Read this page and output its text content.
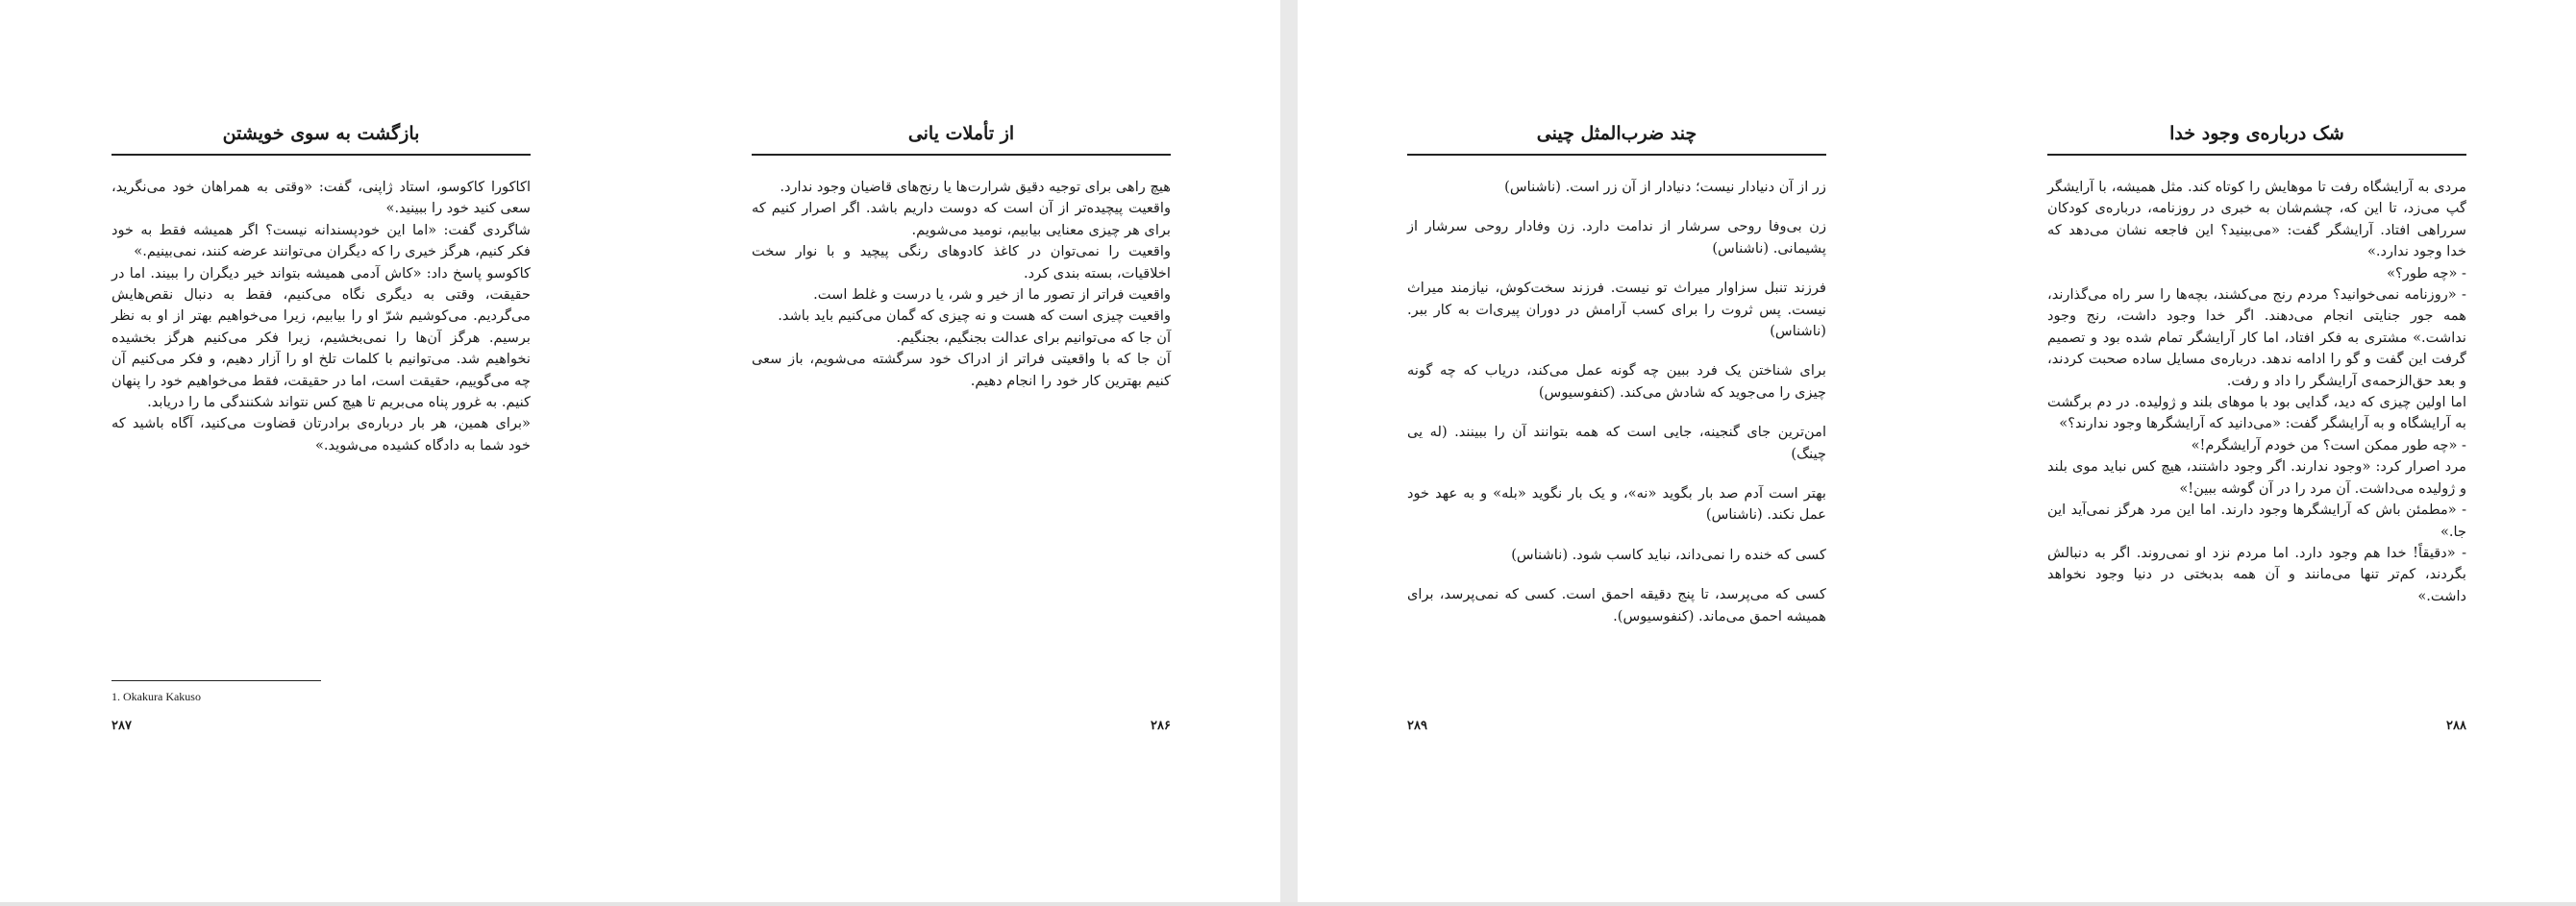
بازگشت به سوی خویشتن

اکاکورا کاکوسو، استاد ژاپنی، گفت: «وقتی به همراهان خود می‌نگرید، سعی کنید خود را ببینید.»

شاگردی گفت: «اما این خودپسندانه نیست؟ اگر همیشه فقط به خود فکر کنیم، هرگز خیری را که دیگران می‌توانند عرضه کنند، نمی‌بینیم.»

کاکوسو پاسخ داد: «کاش آدمی همیشه بتواند خیر دیگران را ببیند. اما در حقیقت، وقتی به دیگری نگاه می‌کنیم، فقط به دنبال نقص‌هایش می‌گردیم. می‌کوشیم شرّ او را بیابیم، زیرا می‌خواهیم بهتر از او به نظر برسیم. هرگز آن‌ها را نمی‌بخشیم، زیرا فکر می‌کنیم هرگز بخشیده نخواهیم شد. می‌توانیم با کلمات تلخ او را آزار دهیم، و فکر می‌کنیم آن چه می‌گوییم، حقیقت است، اما در حقیقت، فقط می‌خواهیم خود را پنهان کنیم. به غرور پناه می‌بریم تا هیچ کس نتواند شکنندگی ما را دریابد.

«برای همین، هر بار درباره‌ی برادرتان قضاوت می‌کنید، آگاه باشید که خود شما به دادگاه کشیده می‌شوید.»

1. Okakura Kakuso
۲۸۷
از تأملات یانی

هیچ راهی برای توجیه دقیق شرارت‌ها یا رنج‌های قاضیان وجود ندارد.

واقعیت پیچیده‌تر از آن است که دوست داریم باشد. اگر اصرار کنیم که برای هر چیزی معنایی بیابیم، نومید می‌شویم.

واقعیت را نمی‌توان در کاغذ کادوهای رنگی پیچید و با نوار سخت اخلاقیات، بسته بندی کرد.

واقعیت فراتر از تصور ما از خیر و شر، یا درست و غلط است.

واقعیت چیزی است که هست و نه چیزی که گمان می‌کنیم باید باشد.

آن جا که می‌توانیم برای عدالت بجنگیم، بجنگیم.

آن جا که با واقعیتی فراتر از ادراک خود سرگشته می‌شویم، باز سعی کنیم بهترین کار خود را انجام دهیم.

۲۸۶
چند ضرب‌المثل چینی

زر از آن دنیادار نیست؛ دنیادار از آن زر است. (ناشناس)

زن بی‌وفا روحی سرشار از ندامت دارد. زن وفادار روحی سرشار از پشیمانی. (ناشناس)

فرزند تنبل سزاوار میراث تو نیست. فرزند سخت‌کوش، نیازمند میراث نیست. پس ثروت را برای کسب آرامش در دوران پیری‌ات به کار ببر. (ناشناس)

برای شناختن یک فرد ببین چه گونه عمل می‌کند، دریاب که چه گونه چیزی را می‌جوید که شادش می‌کند. (کنفوسیوس)

امن‌ترین جای گنجینه، جایی است که همه بتوانند آن را ببینند. (له یی چینگ)

بهتر است آدم صد بار بگوید «نه»، و یک بار نگوید «بله» و به عهد خود عمل نکند. (ناشناس)

کسی که خنده را نمی‌داند، نباید کاسب شود. (ناشناس)

کسی که می‌پرسد، تا پنج دقیقه احمق است. کسی که نمی‌پرسد، برای همیشه احمق می‌ماند. (کنفوسیوس).

۲۸۹
شک درباره‌ی وجود خدا

مردی به آرایشگاه رفت تا موهایش را کوتاه کند. مثل همیشه، با آرایشگر گپ می‌زد، تا این که، چشم‌شان به خبری در روزنامه، درباره‌ی کودکان سرراهی افتاد. آرایشگر گفت: «می‌بینید؟ این فاجعه نشان می‌دهد که خدا وجود ندارد.»

- «چه طور؟»

- «روزنامه نمی‌خوانید؟ مردم رنج می‌کشند، بچه‌ها را سر راه می‌گذارند، همه جور جنایتی انجام می‌دهند. اگر خدا وجود داشت، رنج وجود نداشت.» مشتری به فکر افتاد، اما کار آرایشگر تمام شده بود و تصمیم گرفت این گفت و گو را ادامه ندهد. درباره‌ی مسایل ساده صحبت کردند، و بعد حق‌الزحمه‌ی آرایشگر را داد و رفت.

اما اولین چیزی که دید، گدایی بود با موهای بلند و ژولیده. در دم برگشت به آرایشگاه و به آرایشگر گفت: «می‌دانید که آرایشگرها وجود ندارند؟»

- «چه طور ممکن است؟ من خودم آرایشگرم!»

مرد اصرار کرد: «وجود ندارند. اگر وجود داشتند، هیچ کس نباید موی بلند و ژولیده می‌داشت. آن مرد را در آن گوشه ببین!»

- «مطمئن باش که آرایشگرها وجود دارند. اما این مرد هرگز نمی‌آید این جا.»

- «دقیقاً! خدا هم وجود دارد. اما مردم نزد او نمی‌روند. اگر به دنبالش بگردند، کم‌تر تنها می‌مانند و آن همه بدبختی در دنیا وجود نخواهد داشت.»

۲۸۸
